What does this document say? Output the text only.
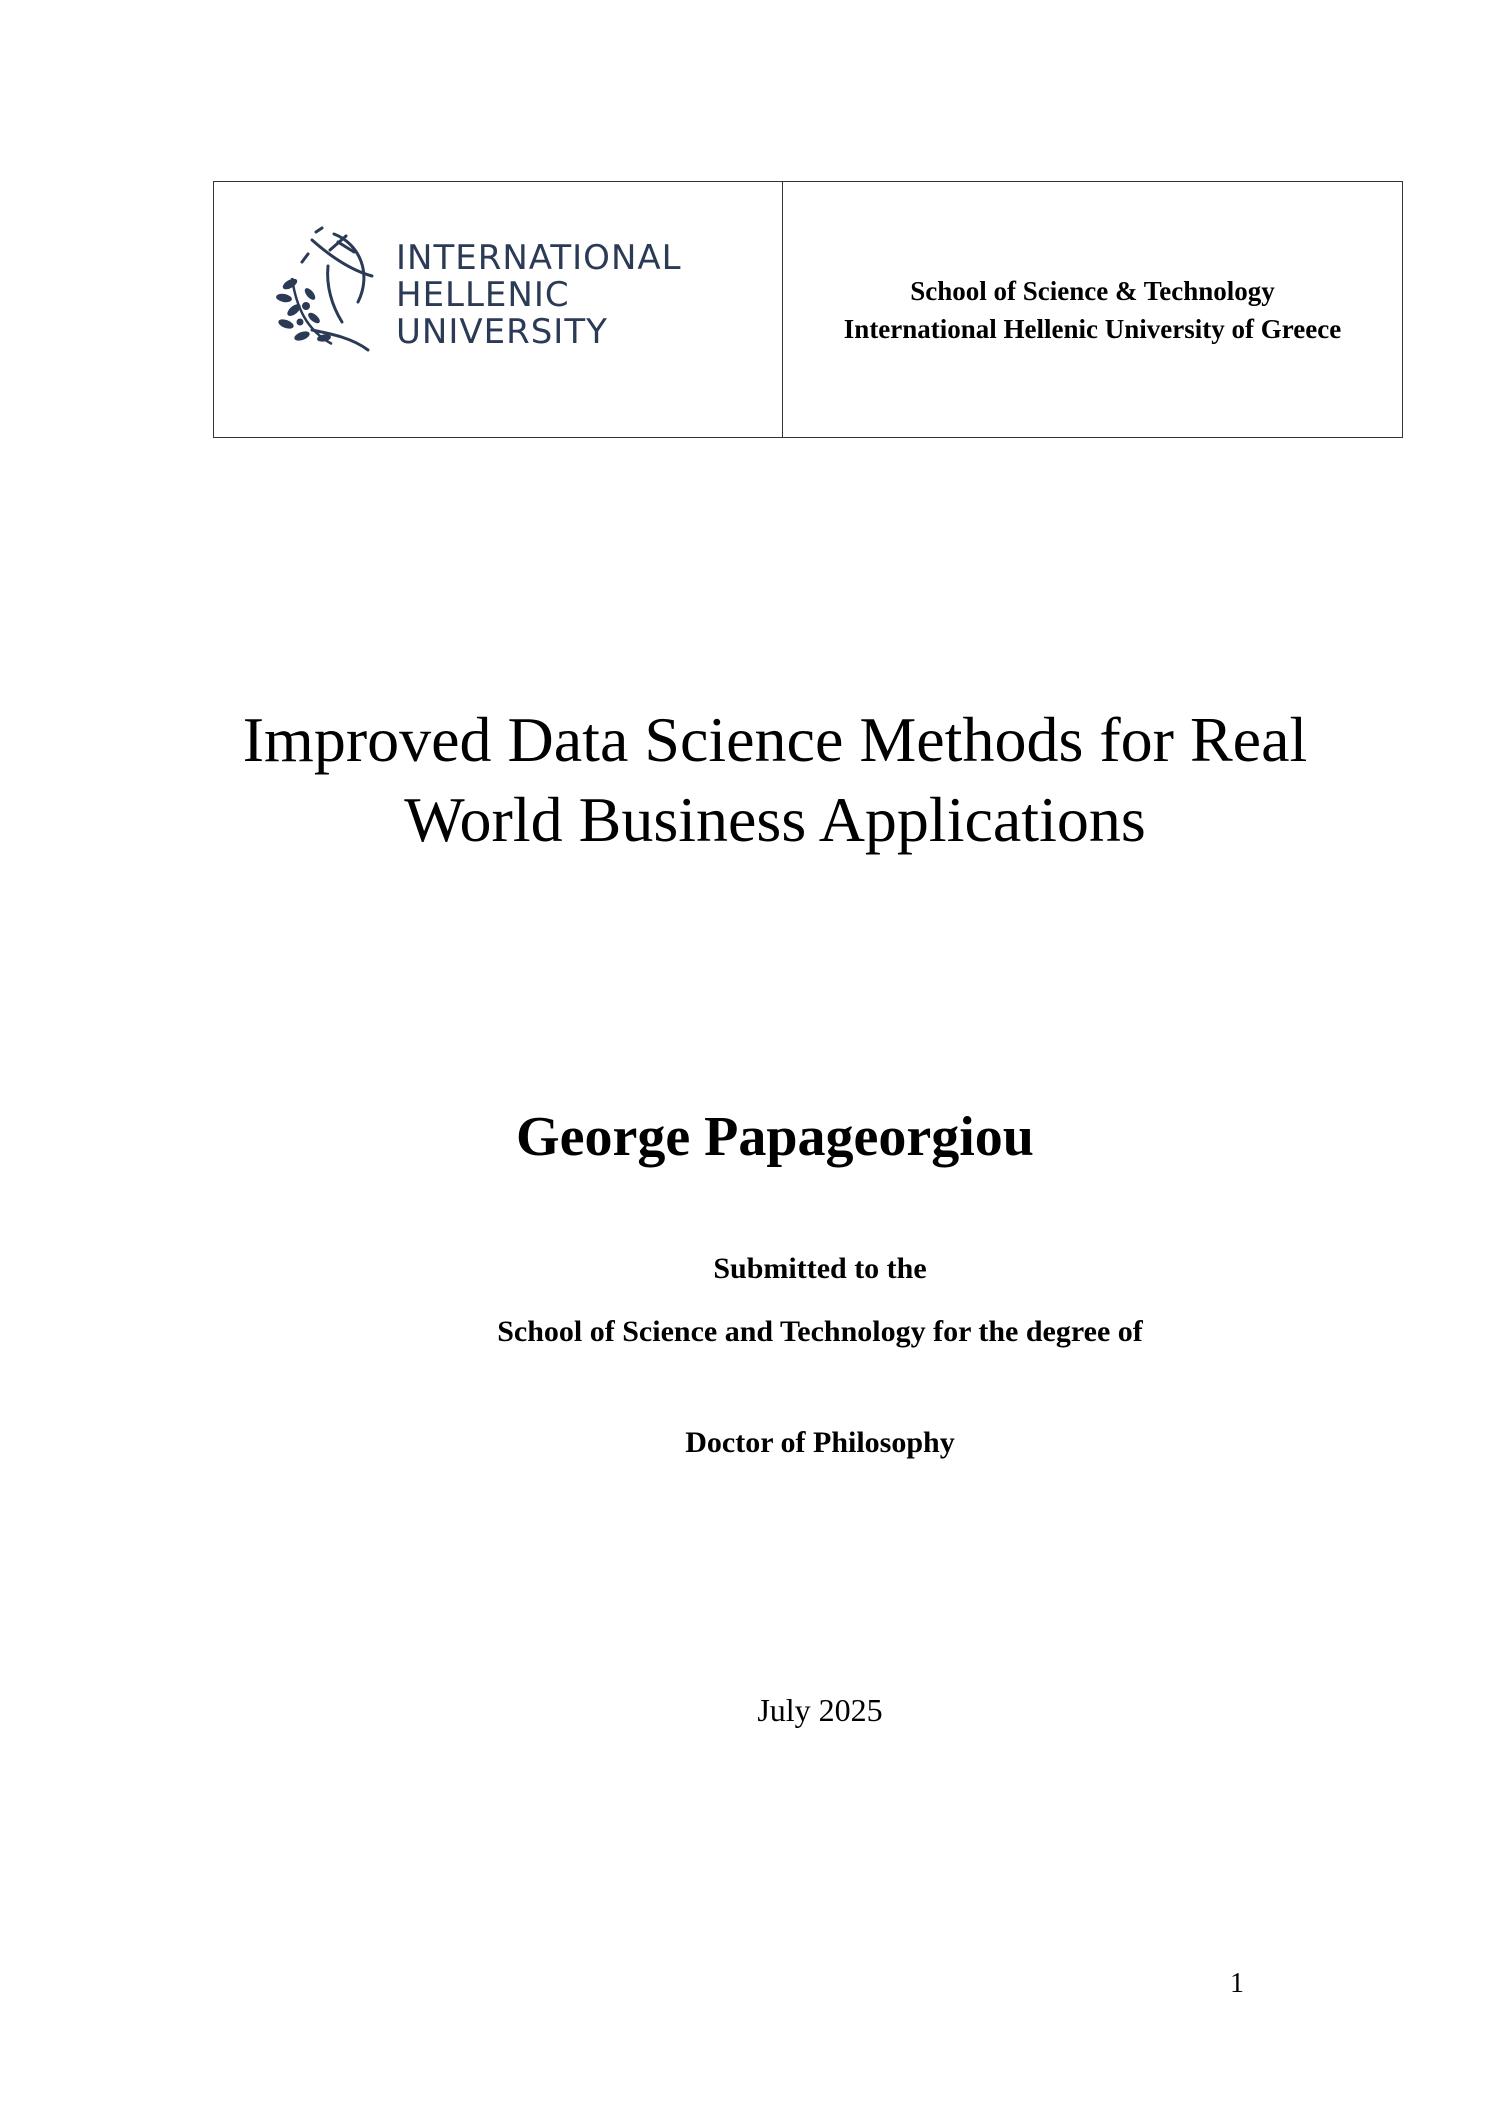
INTERNATIONAL
HELLENIC
UNIVERSITY
School of Science & Technology
International Hellenic University of Greece
Improved Data Science Methods for Real
World Business Applications
George Papageorgiou
Submitted to the
School of Science and Technology for the degree of
Doctor of Philosophy
July 2025
1
